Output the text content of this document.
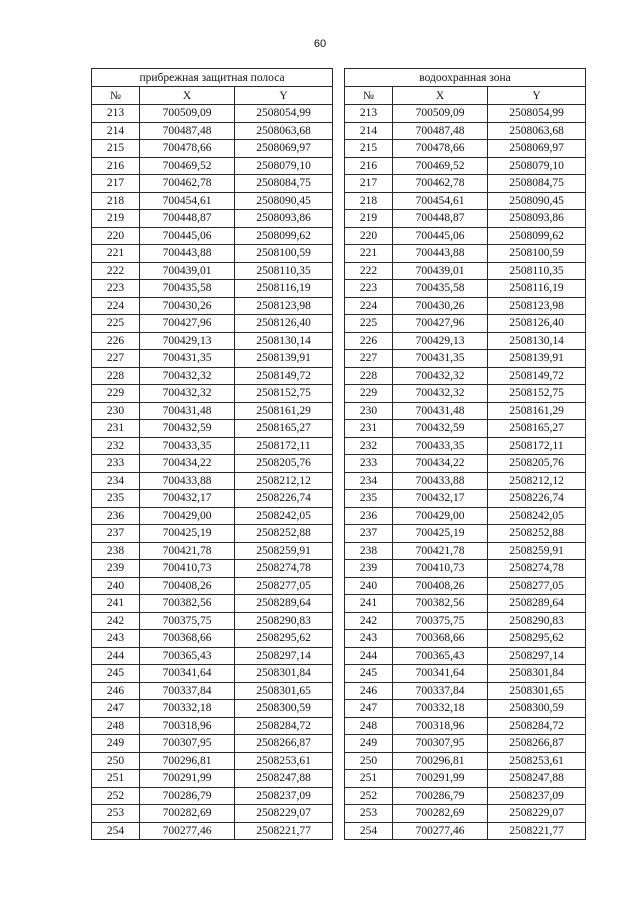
60
прибрежная защитная полоса				водоохранная зона		
№	X	Y		№	X	Y
213	700509,09	2508054,99		213	700509,09	2508054,99
214	700487,48	2508063,68		214	700487,48	2508063,68
215	700478,66	2508069,97		215	700478,66	2508069,97
216	700469,52	2508079,10		216	700469,52	2508079,10
217	700462,78	2508084,75		217	700462,78	2508084,75
218	700454,61	2508090,45		218	700454,61	2508090,45
219	700448,87	2508093,86		219	700448,87	2508093,86
220	700445,06	2508099,62		220	700445,06	2508099,62
221	700443,88	2508100,59		221	700443,88	2508100,59
222	700439,01	2508110,35		222	700439,01	2508110,35
223	700435,58	2508116,19		223	700435,58	2508116,19
224	700430,26	2508123,98		224	700430,26	2508123,98
225	700427,96	2508126,40		225	700427,96	2508126,40
226	700429,13	2508130,14		226	700429,13	2508130,14
227	700431,35	2508139,91		227	700431,35	2508139,91
228	700432,32	2508149,72		228	700432,32	2508149,72
229	700432,32	2508152,75		229	700432,32	2508152,75
230	700431,48	2508161,29		230	700431,48	2508161,29
231	700432,59	2508165,27		231	700432,59	2508165,27
232	700433,35	2508172,11		232	700433,35	2508172,11
233	700434,22	2508205,76		233	700434,22	2508205,76
234	700433,88	2508212,12		234	700433,88	2508212,12
235	700432,17	2508226,74		235	700432,17	2508226,74
236	700429,00	2508242,05		236	700429,00	2508242,05
237	700425,19	2508252,88		237	700425,19	2508252,88
238	700421,78	2508259,91		238	700421,78	2508259,91
239	700410,73	2508274,78		239	700410,73	2508274,78
240	700408,26	2508277,05		240	700408,26	2508277,05
241	700382,56	2508289,64		241	700382,56	2508289,64
242	700375,75	2508290,83		242	700375,75	2508290,83
243	700368,66	2508295,62		243	700368,66	2508295,62
244	700365,43	2508297,14		244	700365,43	2508297,14
245	700341,64	2508301,84		245	700341,64	2508301,84
246	700337,84	2508301,65		246	700337,84	2508301,65
247	700332,18	2508300,59		247	700332,18	2508300,59
248	700318,96	2508284,72		248	700318,96	2508284,72
249	700307,95	2508266,87		249	700307,95	2508266,87
250	700296,81	2508253,61		250	700296,81	2508253,61
251	700291,99	2508247,88		251	700291,99	2508247,88
252	700286,79	2508237,09		252	700286,79	2508237,09
253	700282,69	2508229,07		253	700282,69	2508229,07
254	700277,46	2508221,77		254	700277,46	2508221,77
